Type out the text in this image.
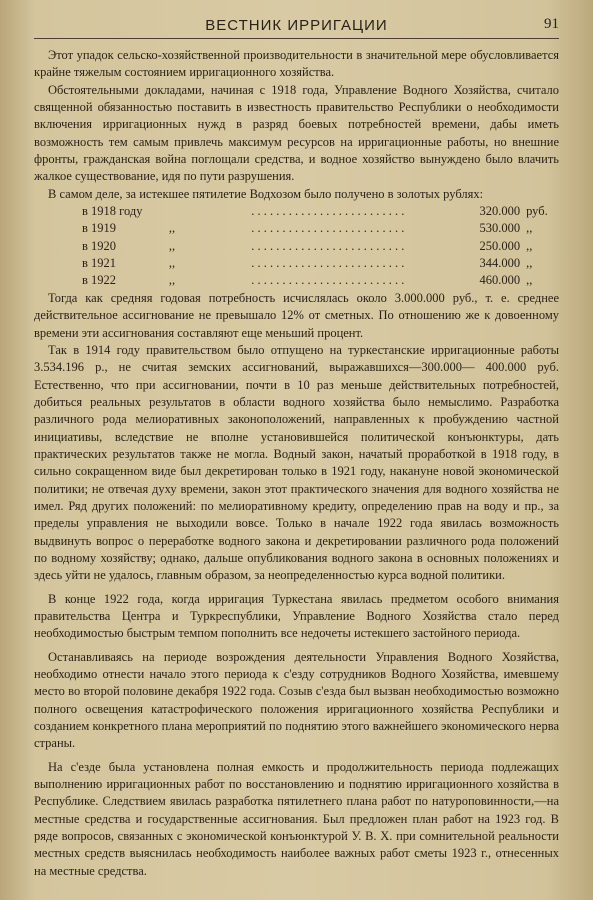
ВЕСТНИК ИРРИГАЦИИ	91

Этот упадок сельско-хозяйственной производительности в значительной мере обусловливается крайне тяжелым состоянием ирригационного хозяйства.

Обстоятельными докладами, начиная с 1918 года, Управление Водного Хозяйства, считало священной обязанностью поставить в известность правительство Республики о необходимости включения ирригационных нужд в разряд боевых потребностей времени, дабы иметь возможность тем самым привлечь максимум ресурсов на ирригационные работы, но внешние фронты, гражданская война поглощали средства, и водное хозяйство вынуждено было влачить жалкое существование, идя по пути разрушения.

В самом деле, за истекшее пятилетие Водхозом было получено в золотых рублях:

в 1918 году	. . . . . . . . . . . . . . . . . . . . . . . . .	320.000 руб.
в 1919	,,	. . . . . . . . . . . . . . . . . . . . . . . . .	530.000 ,,
в 1920	,,	. . . . . . . . . . . . . . . . . . . . . . . . .	250.000 ,,
в 1921	,,	. . . . . . . . . . . . . . . . . . . . . . . . .	344.000 ,,
в 1922	,,	. . . . . . . . . . . . . . . . . . . . . . . . .	460.000 ,,

Тогда как средняя годовая потребность исчислялась около 3.000.000 руб., т. е. среднее действительное ассигнование не превышало 12% от сметных. По отношению же к довоенному времени эти ассигнования составляют еще меньший процент.

Так в 1914 году правительством было отпущено на туркестанские ирригационные работы 3.534.196 р., не считая земских ассигнований, выражавшихся—300.000— 400.000 руб. Естественно, что при ассигновании, почти в 10 раз меньше действительных потребностей, добиться реальных результатов в области водного хозяйства было немыслимо. Разработка различного рода мелиоративных законоположений, направленных к пробуждению частной инициативы, вследствие не вполне установившейся политической конъюнктуры, дать практических результатов также не могла. Водный закон, начатый проработкой в 1918 году, в сильно сокращенном виде был декретирован только в 1921 году, накануне новой экономической политики; не отвечая духу времени, закон этот практического значения для водного хозяйства не имел. Ряд других положений: по мелиоративному кредиту, определению прав на воду и пр., за пределы управления не выходили вовсе. Только в начале 1922 года явилась возможность выдвинуть вопрос о переработке водного закона и декретировании различного рода положений по водному хозяйству; однако, дальше опубликования водного закона в основных положениях и здесь уйти не удалось, главным образом, за неопределенностью курса водной политики.

В конце 1922 года, когда ирригация Туркестана явилась предметом особого внимания правительства Центра и Туркреспублики, Управление Водного Хозяйства стало перед необходимостью быстрым темпом пополнить все недочеты истекшего застойного периода.

Останавливаясь на периоде возрождения деятельности Управления Водного Хозяйства, необходимо отнести начало этого периода к с'езду сотрудников Водного Хозяйства, имевшему место во второй половине декабря 1922 года. Созыв с'езда был вызван необходимостью возможно полного освещения катастрофического положения ирригационного хозяйства Республики и созданием конкретного плана мероприятий по поднятию этого важнейшего экономического нерва страны.

На с'езде была установлена полная емкость и продолжительность периода подлежащих выполнению ирригационных работ по восстановлению и поднятию ирригационного хозяйства в Республике. Следствием явилась разработка пятилетнего плана работ по натуроповинности,—на местные средства и государственные ассигнования. Был предложен план работ на 1923 год. В ряде вопросов, связанных с экономической конъюнктурой У. В. Х. при сомнительной реальности местных средств выяснилась необходимость наиболее важных работ сметы 1923 г., отнесенных на местные средства.
